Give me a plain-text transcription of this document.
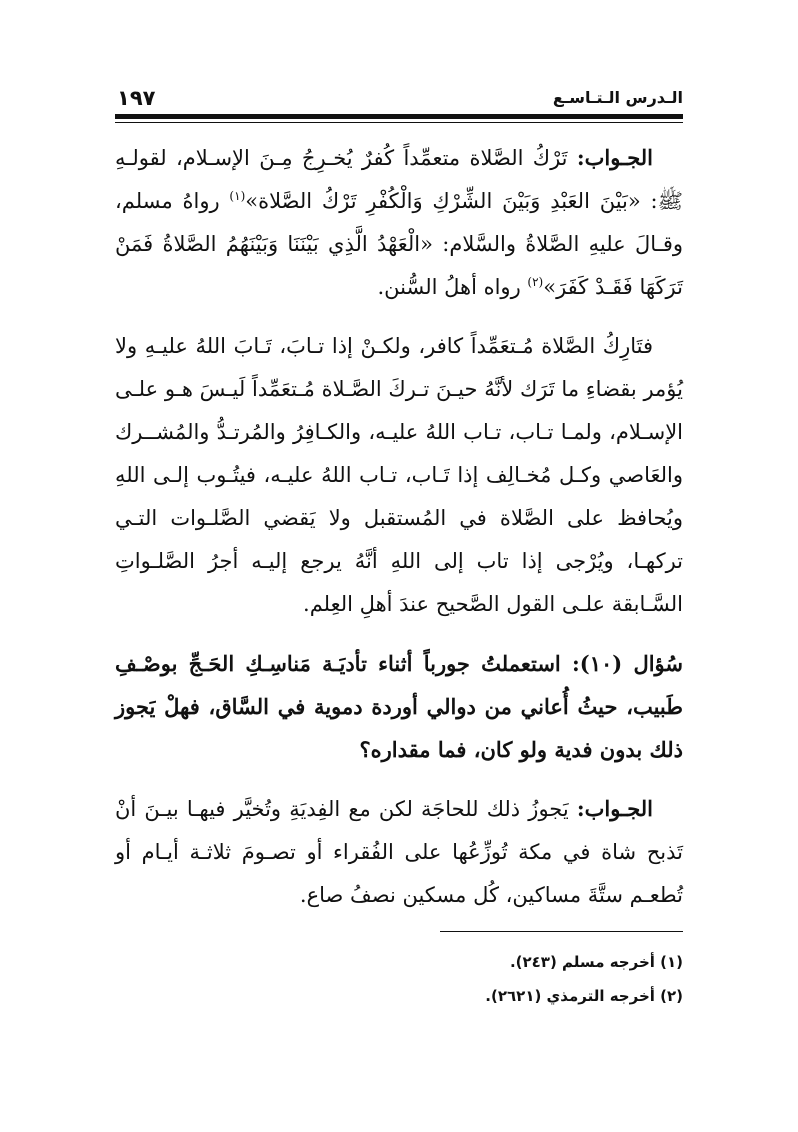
١٩٧	الـدرس الـتـاسـع

الجـواب: تَرْكُ الصَّلاة متعمِّداً كُفرٌ يُخـرِجُ مِـنَ الإسـلام، لقولـهِ ﷺ: «بَيْنَ العَبْدِ وَبَيْنَ الشِّرْكِ وَالْكُفْرِ تَرْكُ الصَّلاة»$^{(١)}$ رواهُ مسلم، وقـالَ عليهِ الصَّلاةُ والسَّلام: «الْعَهْدُ الَّذِي بَيْنَنَا وَبَيْنَهُمُ الصَّلاةُ فَمَنْ تَرَكَهَا فَقَـدْ كَفَرَ»$^{(٢)}$ رواه أهلُ السُّنن.

فتَارِكُ الصَّلاة مُـتعَمِّداً كافر، ولكـنْ إذا تـابَ، تَـابَ اللهُ عليـهِ ولا يُؤمر بقضاءِ ما تَرَك لأنَّهُ حيـنَ تـركَ الصَّـلاة مُـتعَمِّداً لَيـسَ هـو علـى الإسـلام، ولمـا تـاب، تـاب اللهُ عليـه، والكـافِرُ والمُرتـدُّ والمُشــرك والعَاصي وكـل مُخـالِف إذا تَـاب، تـاب اللهُ عليـه، فيتُـوب إلـى اللهِ ويُحافظ على الصَّلاة في المُستقبل ولا يَقضي الصَّلـوات التـي تركهـا، ويُرْجى إذا تاب إلى اللهِ أنَّهُ يرجع إليـه أجرُ الصَّلـواتِ السَّـابقة علـى القول الصَّحيح عندَ أهلِ العِلم.

سُؤال (١٠): استعملتُ جورباً أثناء تأديَـة مَناسِـكِ الحَـجِّ بوصْـفِ طَبيب، حيثُ أُعاني من دوالي أوردة دموية في السَّاق، فهلْ يَجوز ذلك بدون فدية ولو كان، فما مقداره؟

الجـواب: يَجوزُ ذلك للحاجَة لكن مع الفِديَةِ وتُخيَّر فيهـا بيـنَ أنْ تَذبح شاة في مكة تُوزِّعُها على الفُقراء أو تصـومَ ثلاثـة أيـام أو تُطعـم ستَّةَ مساكين، كُل مسكين نصفُ صاع.

(١) أخرجه مسلم (٢٤٣).
(٢) أخرجه الترمذي (٢٦٢١).
